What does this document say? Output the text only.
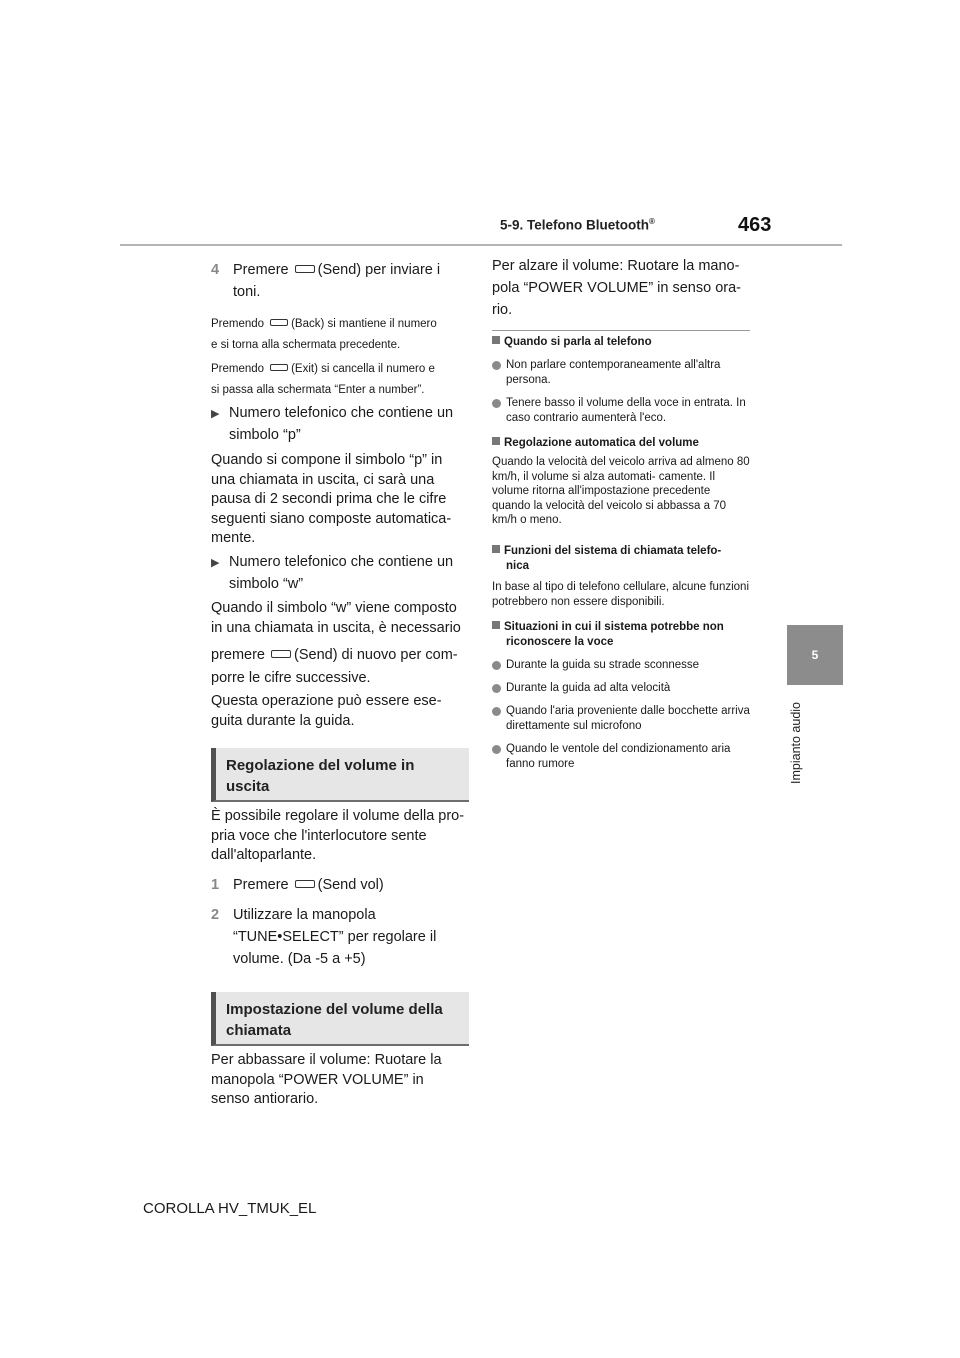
5-9. Telefono Bluetooth®	463
5
Impianto audio
4 Premere (Send) per inviare i
toni.
Premendo (Back) si mantiene il numero
e si torna alla schermata precedente.
Premendo (Exit) si cancella il numero e
si passa alla schermata “Enter a number”.
▶ Numero telefonico che contiene un
simbolo “p”
Quando si compone il simbolo “p” in
una chiamata in uscita, ci sarà una
pausa di 2 secondi prima che le cifre
seguenti siano composte automatica-
mente.
▶ Numero telefonico che contiene un
simbolo “w”
Quando il simbolo “w” viene composto
in una chiamata in uscita, è necessario
premere (Send) di nuovo per com-
porre le cifre successive.
Questa operazione può essere ese-
guita durante la guida.
Regolazione del volume in
uscita
È possibile regolare il volume della pro-
pria voce che l'interlocutore sente
dall'altoparlante.
1 Premere (Send vol)
2 Utilizzare la manopola
“TUNE•SELECT” per regolare il
volume. (Da -5 a +5)
Impostazione del volume della
chiamata
Per abbassare il volume: Ruotare la
manopola “POWER VOLUME” in
senso antiorario.
Per alzare il volume: Ruotare la mano-
pola “POWER VOLUME” in senso ora-
rio.
Quando si parla al telefono
Non parlare contemporaneamente all'altra persona.
Tenere basso il volume della voce in entrata. In caso contrario aumenterà l'eco.
Regolazione automatica del volume
Quando la velocità del veicolo arriva ad almeno 80 km/h, il volume si alza automati- camente. Il volume ritorna all'impostazione precedente quando la velocità del veicolo si abbassa a 70 km/h o meno.
Funzioni del sistema di chiamata telefo-
nica
In base al tipo di telefono cellulare, alcune funzioni potrebbero non essere disponibili.
Situazioni in cui il sistema potrebbe non
riconoscere la voce
Durante la guida su strade sconnesse
Durante la guida ad alta velocità
Quando l'aria proveniente dalle bocchette arriva direttamente sul microfono
Quando le ventole del condizionamento aria fanno rumore
COROLLA HV_TMUK_EL
